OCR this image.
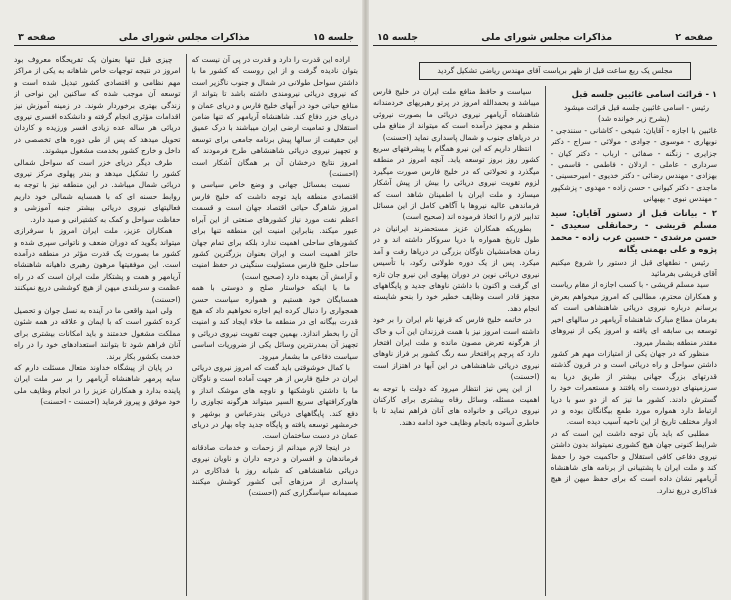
صفحه ۳	مذاکرات مجلس شورای ملی	جلسه ۱۵

اراده این قدرت را دارد و قدرت در پی آن نیست که بتوان نادیده گرفت و از این روست که کشور ما با داشتن سواحل طولانی در شمال و جنوب ناگزیر است که نیروی دریائی نیرومندی داشته باشد تا بتواند از منافع حیاتی خود در آبهای خلیج فارس و دریای عمان و دریای خزر دفاع کند. شاهنشاه آریامهر که تنها ضامن استقلال و تمامیت ارضی ایران میباشند با درک عمیق این حقیقت از سالها پیش برنامه جامعی برای توسعه و تجهیز نیروی دریائی شاهنشاهی طرح فرمودند که امروز نتایج درخشان آن بر همگان آشکار است (احسنت)

نسبت بمسائل جهانی و وضع خاص سیاسی و اقتصادی منطقه باید توجه داشت که خلیج فارس امروز شاهرگ حیاتی اقتصاد جهان است و قسمت اعظم نفت مورد نیاز کشورهای صنعتی از این آبراه عبور میکند. بنابراین امنیت این منطقه تنها برای کشورهای ساحلی اهمیت ندارد بلکه برای تمام جهان حائز اهمیت است و ایران بعنوان بزرگترین کشور ساحلی خلیج فارس مسئولیت سنگینی در حفظ امنیت و آرامش آن بعهده دارد (صحیح است)

ما با اینکه خواستار صلح و دوستی با همه همسایگان خود هستیم و همواره سیاست حسن همجواری را دنبال کرده ایم اجازه نخواهیم داد که هیچ قدرت بیگانه ای در منطقه ما خلاء ایجاد کند و امنیت آن را بخطر اندازد. بهمین جهت تقویت نیروی دریائی و تجهیز آن بمدرنترین وسائل یکی از ضروریات اساسی سیاست دفاعی ما بشمار میرود.

با کمال خوشوقتی باید گفت که امروز نیروی دریائی ایران در خلیج فارس از هر جهت آماده است و ناوگان ما با داشتن ناوشکنها و ناوچه های موشک انداز و هاورکرافتهای سریع السیر میتواند هرگونه تجاوزی را دفع کند. پایگاههای دریائی بندرعباس و بوشهر و خرمشهر توسعه یافته و پایگاه جدید چاه بهار در دریای عمان در دست ساختمان است.

در اینجا لازم میدانم از زحمات و خدمات صادقانه فرماندهان و افسران و درجه داران و ناویان نیروی دریائی شاهنشاهی که شبانه روز با فداکاری در پاسداری از مرزهای آبی کشور کوشش میکنند صمیمانه سپاسگزاری کنم (احسنت)

چیزی قبل تنها بعنوان یک تفریحگاه معروف بود امروز در نتیجه توجهات خاص شاهانه به یکی از مراکز مهم نظامی و اقتصادی کشور تبدیل شده است و توسعه آن موجب شده که ساکنین این نواحی از زندگی بهتری برخوردار شوند. در زمینه آموزش نیز اقدامات مؤثری انجام گرفته و دانشکده افسری نیروی دریائی هر ساله عده زیادی افسر ورزیده و کاردان تحویل میدهد که پس از طی دوره های تخصصی در داخل و خارج کشور بخدمت مشغول میشوند.

طرف دیگر دریای خزر است که سواحل شمالی کشور را تشکیل میدهد و بندر پهلوی مرکز نیروی دریائی شمال میباشد. در این منطقه نیز با توجه به روابط حسنه ای که با همسایه شمالی خود داریم فعالیتهای نیروی دریائی بیشتر جنبه آموزشی و حفاظت سواحل و کمک به کشتیرانی و صید دارد.

همکاران عزیز، ملت ایران امروز با سرفرازی میتواند بگوید که دوران ضعف و ناتوانی سپری شده و کشور ما بصورت یک قدرت مؤثر در منطقه درآمده است. این موفقیتها مرهون رهبری داهیانه شاهنشاه آریامهر و همت و پشتکار ملت ایران است که در راه عظمت و سربلندی میهن از هیچ کوششی دریغ نمیکنند (احسنت)

ولی امید واقعی ما در آینده به نسل جوان و تحصیل کرده کشور است که با ایمان و علاقه در همه شئون مملکت مشغول خدمتند و باید امکانات بیشتری برای آنان فراهم شود تا بتوانند استعدادهای خود را در راه خدمت بکشور بکار برند.

در پایان از پیشگاه خداوند متعال مسئلت دارم که سایه پرمهر شاهنشاه آریامهر را بر سر ملت ایران پاینده بدارد و همکاران عزیز را در انجام وظایف ملی خود موفق و پیروز فرماید (احسنت - احسنت)

جلسه ۱۵	مذاکرات مجلس شورای ملی	صفحه ۲
مجلس یک ربع ساعت قبل از ظهر بریاست آقای مهندس ریاضی تشکیل گردید

۱ - قرائت اسامی غائبین جلسه قبل

رئیس - اسامی غائبین جلسه قبل قرائت میشود

(بشرح زیر خوانده شد)

غائبین با اجازه - آقایان: شیخی - کاشانی - سنندجی - نوبهاری - موسوی - جوادی - مولائی - سراج - دکتر جزایری - زنگنه - صفائی - ارباب - دکتر کیان - سرداری - عاملی - اردلان - فاطمی - قاسمی - بهزادی - مهندس رضائی - دکتر خدیوی - امیرحسینی - ماجدی - دکتر کیوانی - حسن زاده - مهدوی - پزشکپور - مهندس نبوی - بهبهانی

۲ - بیانات قبل از دستور آقایان: سید مسلم قریشی - رحمانقلی سعیدی - حسن مرشدی - حسین عرب زاده - محمد پژوه و علی بهمنی یگانه

رئیس - نطقهای قبل از دستور را شروع میکنیم آقای قریشی بفرمائید

سید مسلم قریشی - با کسب اجازه از مقام ریاست و همکاران محترم، مطالبی که امروز میخواهم بعرض برسانم درباره نیروی دریائی شاهنشاهی است که بفرمان مطاع مبارک شاهنشاه آریامهر در سالهای اخیر توسعه بی سابقه ای یافته و امروز یکی از نیروهای مقتدر منطقه بشمار میرود.

منظور که در جهان یکی از امتیازات مهم هر کشور داشتن سواحل و راه دریائی است و در قرون گذشته قدرتهای بزرگ جهانی بیشتر از طریق دریا به سرزمینهای دوردست راه یافتند و مستعمرات خود را گسترش دادند. کشور ما نیز که از دو سو با دریا ارتباط دارد همواره مورد طمع بیگانگان بوده و در ادوار مختلف تاریخ از این ناحیه آسیب دیده است.

مطلبی که باید بآن توجه داشت این است که در شرایط کنونی جهان هیچ کشوری نمیتواند بدون داشتن نیروی دفاعی کافی استقلال و حاکمیت خود را حفظ کند و ملت ایران با پشتیبانی از برنامه های شاهنشاه آریامهر نشان داده است که برای حفظ میهن از هیچ فداکاری دریغ ندارد.

سیاست و حافظ منافع ملت ایران در خلیج فارس میباشد و بحمدالله امروز در پرتو رهبریهای خردمندانه شاهنشاه آریامهر نیروی دریائی ما بصورت نیروئی منظم و مجهز درآمده است که میتواند از منافع ملی در دریاهای جنوب و شمال پاسداری نماید (احسنت)

انتظار داریم که این نیرو همگام با پیشرفتهای سریع کشور روز بروز توسعه یابد. آنچه امروز در منطقه میگذرد و تحولاتی که در خلیج فارس صورت میگیرد لزوم تقویت نیروی دریائی را بیش از پیش آشکار میسازد و ملت ایران با اطمینان شاهد است که فرماندهی عالیه نیروها با آگاهی کامل از این مسائل تدابیر لازم را اتخاذ فرموده اند (صحیح است)

بطوریکه همکاران عزیز مستحضرند ایرانیان در طول تاریخ همواره با دریا سروکار داشته اند و در زمان هخامنشیان ناوگان بزرگی در دریاها رفت و آمد میکرد. پس از یک دوره طولانی رکود، با تأسیس نیروی دریائی نوین در دوران پهلوی این نیرو جان تازه ای گرفت و اکنون با داشتن ناوهای جدید و پایگاههای مجهز قادر است وظایف خطیر خود را بنحو شایسته انجام دهد.

در خاتمه خلیج فارس که قرنها نام ایران را بر خود داشته است امروز نیز با همت فرزندان این آب و خاک از هرگونه تعرض مصون مانده و ملت ایران افتخار دارد که پرچم پرافتخار سه رنگ کشور بر فراز ناوهای نیروی دریائی شاهنشاهی در این آبها در اهتزاز است (احسنت)

از این پس نیز انتظار میرود که دولت با توجه به اهمیت مسئله، وسائل رفاه بیشتری برای کارکنان نیروی دریائی و خانواده های آنان فراهم نماید تا با خاطری آسوده بانجام وظایف خود ادامه دهند.
